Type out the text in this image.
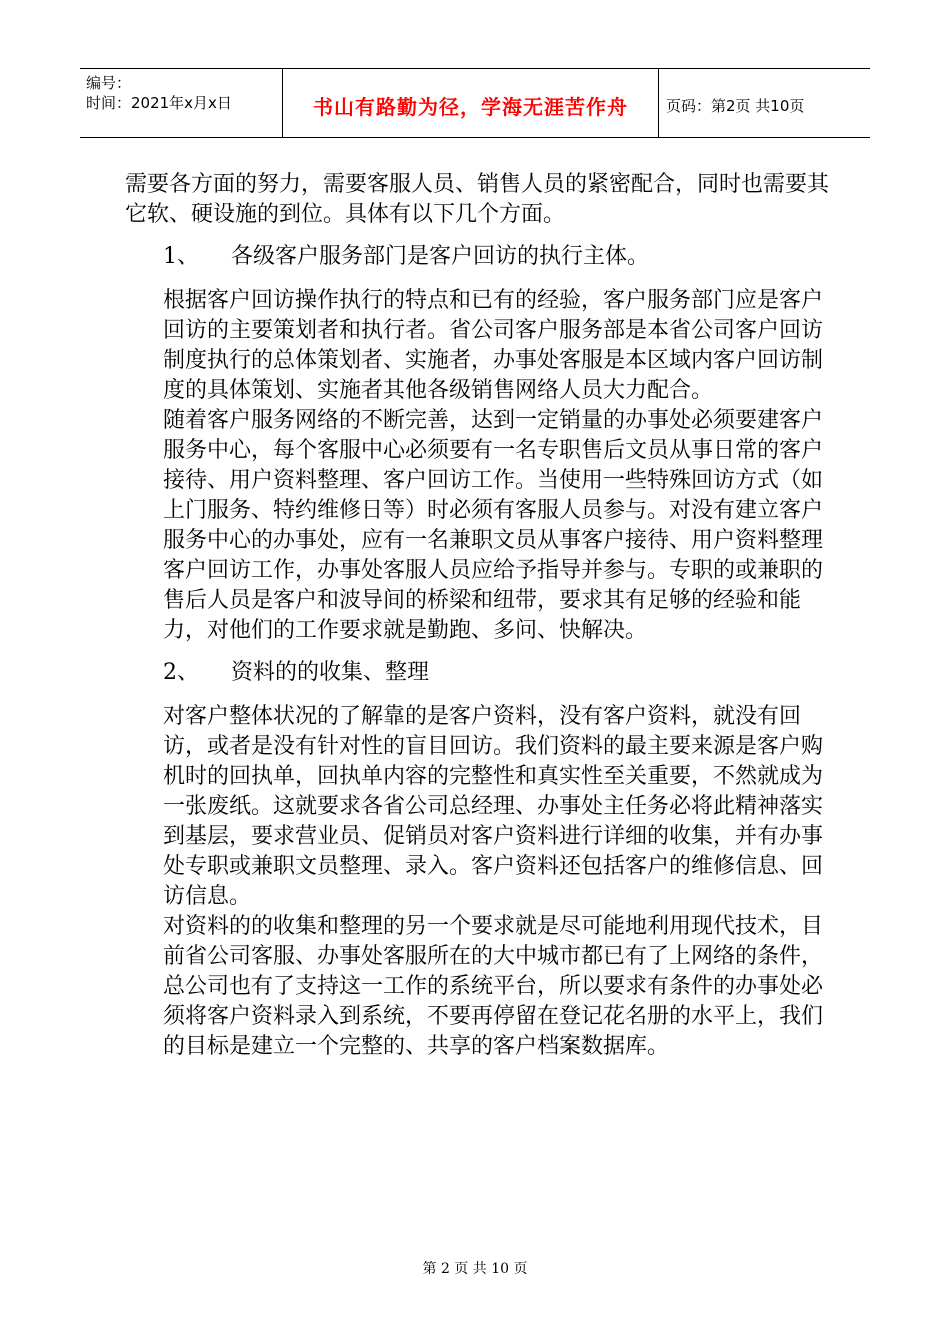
编号：
时间：2021年x月x日	书山有路勤为径，学海无涯苦作舟	页码：第2页 共10页

需要各方面的努力，需要客服人员、销售人员的紧密配合，同时也需要其它软、硬设施的到位。具体有以下几个方面。

1、 各级客户服务部门是客户回访的执行主体。

根据客户回访操作执行的特点和已有的经验，客户服务部门应是客户回访的主要策划者和执行者。省公司客户服务部是本省公司客户回访制度执行的总体策划者、实施者，办事处客服是本区域内客户回访制度的具体策划、实施者其他各级销售网络人员大力配合。

随着客户服务网络的不断完善，达到一定销量的办事处必须要建客户服务中心，每个客服中心必须要有一名专职售后文员从事日常的客户接待、用户资料整理、客户回访工作。当使用一些特殊回访方式（如上门服务、特约维修日等）时必须有客服人员参与。对没有建立客户服务中心的办事处，应有一名兼职文员从事客户接待、用户资料整理客户回访工作，办事处客服人员应给予指导并参与。专职的或兼职的售后人员是客户和波导间的桥梁和纽带，要求其有足够的经验和能力，对他们的工作要求就是勤跑、多问、快解决。

2、 资料的的收集、整理

对客户整体状况的了解靠的是客户资料，没有客户资料，就没有回访，或者是没有针对性的盲目回访。我们资料的最主要来源是客户购机时的回执单，回执单内容的完整性和真实性至关重要，不然就成为一张废纸。这就要求各省公司总经理、办事处主任务必将此精神落实到基层，要求营业员、促销员对客户资料进行详细的收集，并有办事处专职或兼职文员整理、录入。客户资料还包括客户的维修信息、回访信息。

对资料的的收集和整理的另一个要求就是尽可能地利用现代技术，目前省公司客服、办事处客服所在的大中城市都已有了上网络的条件，总公司也有了支持这一工作的系统平台，所以要求有条件的办事处必须将客户资料录入到系统，不要再停留在登记花名册的水平上，我们的目标是建立一个完整的、共享的客户档案数据库。

第 2 页 共 10 页
